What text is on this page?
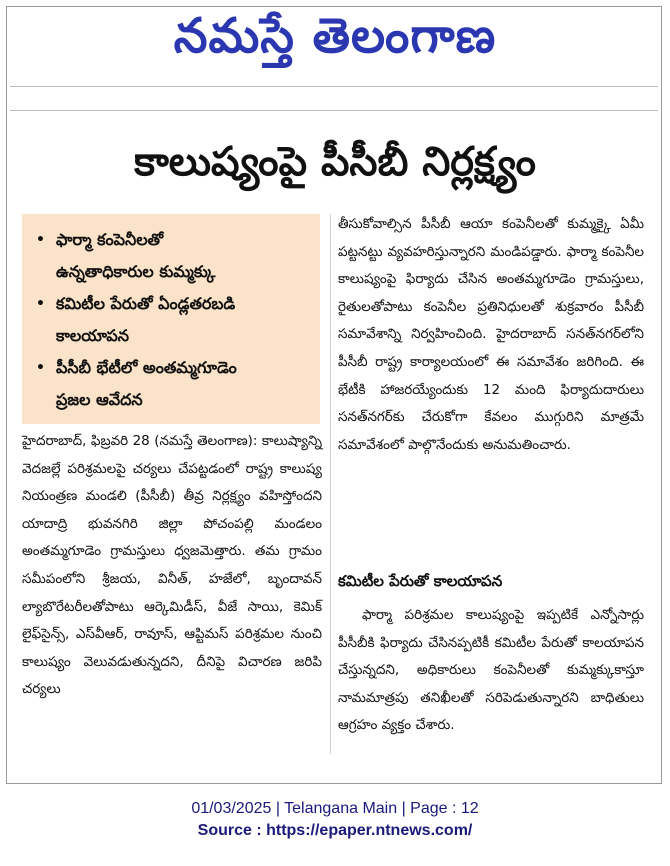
నమస్తే తెలంగాణ
కాలుష్యంపై పీసీబీ నిర్లక్ష్యం
• ఫార్మా కంపెనీలతో
ఉన్నతాధికారుల కుమ్మక్కు
• కమిటీల పేరుతో ఏండ్లతరబడి
కాలయాపన
• పీసీబీ భేటీలో అంతమ్మగూడెం
ప్రజల ఆవేదన
హైదరాబాద్, ఫిబ్రవరి 28 (నమస్తే తెలంగాణ): కాలుష్యాన్ని వెదజల్లే పరిశ్రమలపై చర్యలు చేపట్టడంలో రాష్ట్ర కాలుష్య నియంత్రణ మండలి (పీసీబీ) తీవ్ర నిర్లక్ష్యం వహిస్తోందని యాదాద్రి భువనగిరి జిల్లా పోచంపల్లి మండలం అంతమ్మగూడెం గ్రామస్తులు ధ్వజమెత్తారు. తమ గ్రామం సమీపంలోని శ్రీజయ, వినీత్, హజేలో, బృందావన్ ల్యాబొరేటరీలతోపాటు ఆర్కెమిడీస్, వీజే సాయి, కెమిక్ లైఫ్‌సైన్స్, ఎస్‌వీఆర్, రావూస్, ఆప్టిమస్ పరిశ్రమల నుంచి కాలుష్యం వెలువడుతున్నదని, దీనిపై విచారణ జరిపి చర్యలు
తీసుకోవాల్సిన పీసీబీ ఆయా కంపెనీలతో కుమ్మక్కై ఏమీ పట్టనట్టు వ్యవహరిస్తున్నారని మండిపడ్డారు. ఫార్మా కంపెనీల కాలుష్యంపై ఫిర్యాదు చేసిన అంతమ్మగూడెం గ్రామస్తులు, రైతులతోపాటు కంపెనీల ప్రతినిధులతో శుక్రవారం పీసీబీ సమావేశాన్ని నిర్వహించింది. హైదరాబాద్ సనత్‌నగర్‌లోని పీసీబీ రాష్ట్ర కార్యాలయంలో ఈ సమావేశం జరిగింది. ఈ భేటీకి హాజరయ్యేందుకు 12 మంది ఫిర్యాదుదారులు సనత్‌నగర్‌కు చేరుకోగా కేవలం ముగ్గురిని మాత్రమే సమావేశంలో పాల్గొనేందుకు అనుమతించారు.
కమిటీల పేరుతో కాలయాపన
ఫార్మా పరిశ్రమల కాలుష్యంపై ఇప్పటికే ఎన్నోసార్లు పీసీబీకి ఫిర్యాదు చేసినప్పటికీ కమిటీల పేరుతో కాలయాపన చేస్తున్నదని, అధికారులు కంపెనీలతో కుమ్మక్కుకాస్తూ నామమాత్రపు తనిఖీలతో సరిపెడుతున్నారని బాధితులు ఆగ్రహం వ్యక్తం చేశారు.
01/03/2025 | Telangana Main | Page : 12
Source : https://epaper.ntnews.com/
